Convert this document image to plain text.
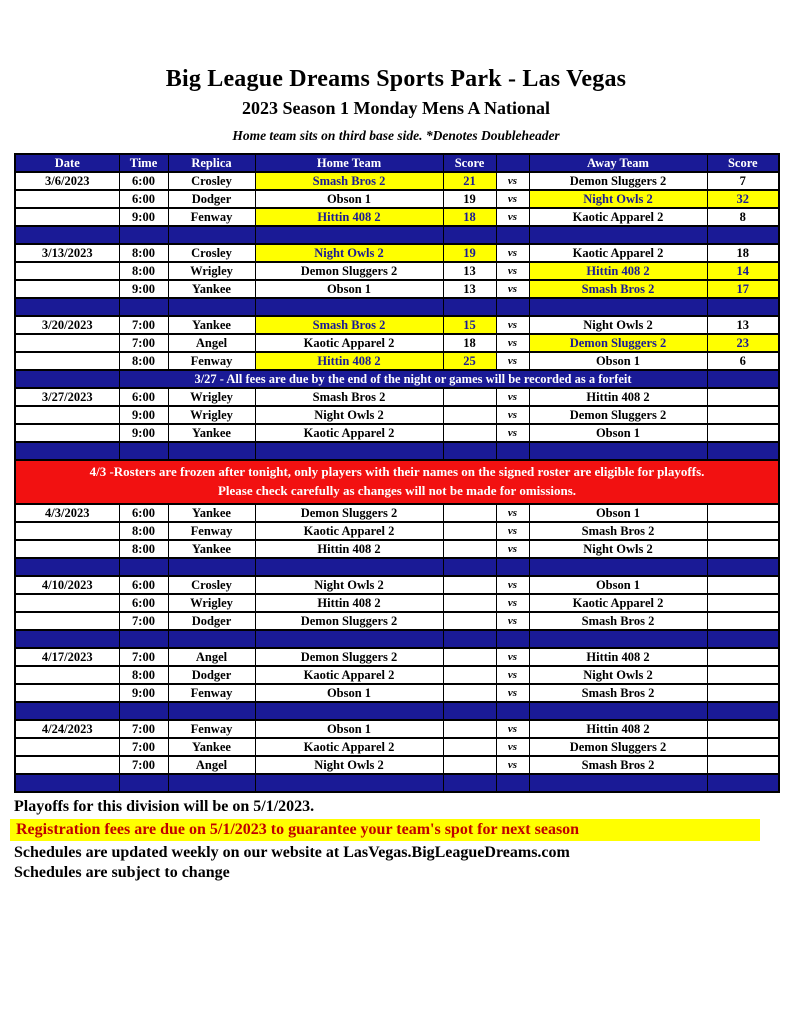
Big League Dreams Sports Park - Las Vegas
2023 Season 1 Monday Mens A National
Home team sits on third base side. *Denotes Doubleheader
Date	Time	Replica	Home Team	Score		Away Team	Score
3/6/2023	6:00	Crosley	Smash Bros 2	21	vs	Demon Sluggers 2	7
	6:00	Dodger	Obson 1	19	vs	Night Owls 2	32
	9:00	Fenway	Hittin 408 2	18	vs	Kaotic Apparel 2	8

3/13/2023	8:00	Crosley	Night Owls 2	19	vs	Kaotic Apparel 2	18
	8:00	Wrigley	Demon Sluggers 2	13	vs	Hittin 408 2	14
	9:00	Yankee	Obson 1	13	vs	Smash Bros 2	17

3/20/2023	7:00	Yankee	Smash Bros 2	15	vs	Night Owls 2	13
	7:00	Angel	Kaotic Apparel 2	18	vs	Demon Sluggers 2	23
	8:00	Fenway	Hittin 408 2	25	vs	Obson 1	6
	3/27 - All fees are due by the end of the night or games will be recorded as a forfeit						
3/27/2023	6:00	Wrigley	Smash Bros 2		vs	Hittin 408 2	
	9:00	Wrigley	Night Owls 2		vs	Demon Sluggers 2	
	9:00	Yankee	Kaotic Apparel 2		vs	Obson 1	

4/3 -Rosters are frozen after tonight, only players with their names on the signed roster are eligible for playoffs.
Please check carefully as changes will not be made for omissions.							

4/3/2023	6:00	Yankee	Demon Sluggers 2		vs	Obson 1	
	8:00	Fenway	Kaotic Apparel 2		vs	Smash Bros 2	
	8:00	Yankee	Hittin 408 2		vs	Night Owls 2	

4/10/2023	6:00	Crosley	Night Owls 2		vs	Obson 1	
	6:00	Wrigley	Hittin 408 2		vs	Kaotic Apparel 2	
	7:00	Dodger	Demon Sluggers 2		vs	Smash Bros 2	

4/17/2023	7:00	Angel	Demon Sluggers 2		vs	Hittin 408 2	
	8:00	Dodger	Kaotic Apparel 2		vs	Night Owls 2	
	9:00	Fenway	Obson 1		vs	Smash Bros 2	

4/24/2023	7:00	Fenway	Obson 1		vs	Hittin 408 2	
	7:00	Yankee	Kaotic Apparel 2		vs	Demon Sluggers 2	
	7:00	Angel	Night Owls 2		vs	Smash Bros 2	

Playoffs for this division will be on 5/1/2023.
Registration fees are due on 5/1/2023 to guarantee your team's spot for next season
Schedules are updated weekly on our website at LasVegas.BigLeagueDreams.com
Schedules are subject to change
